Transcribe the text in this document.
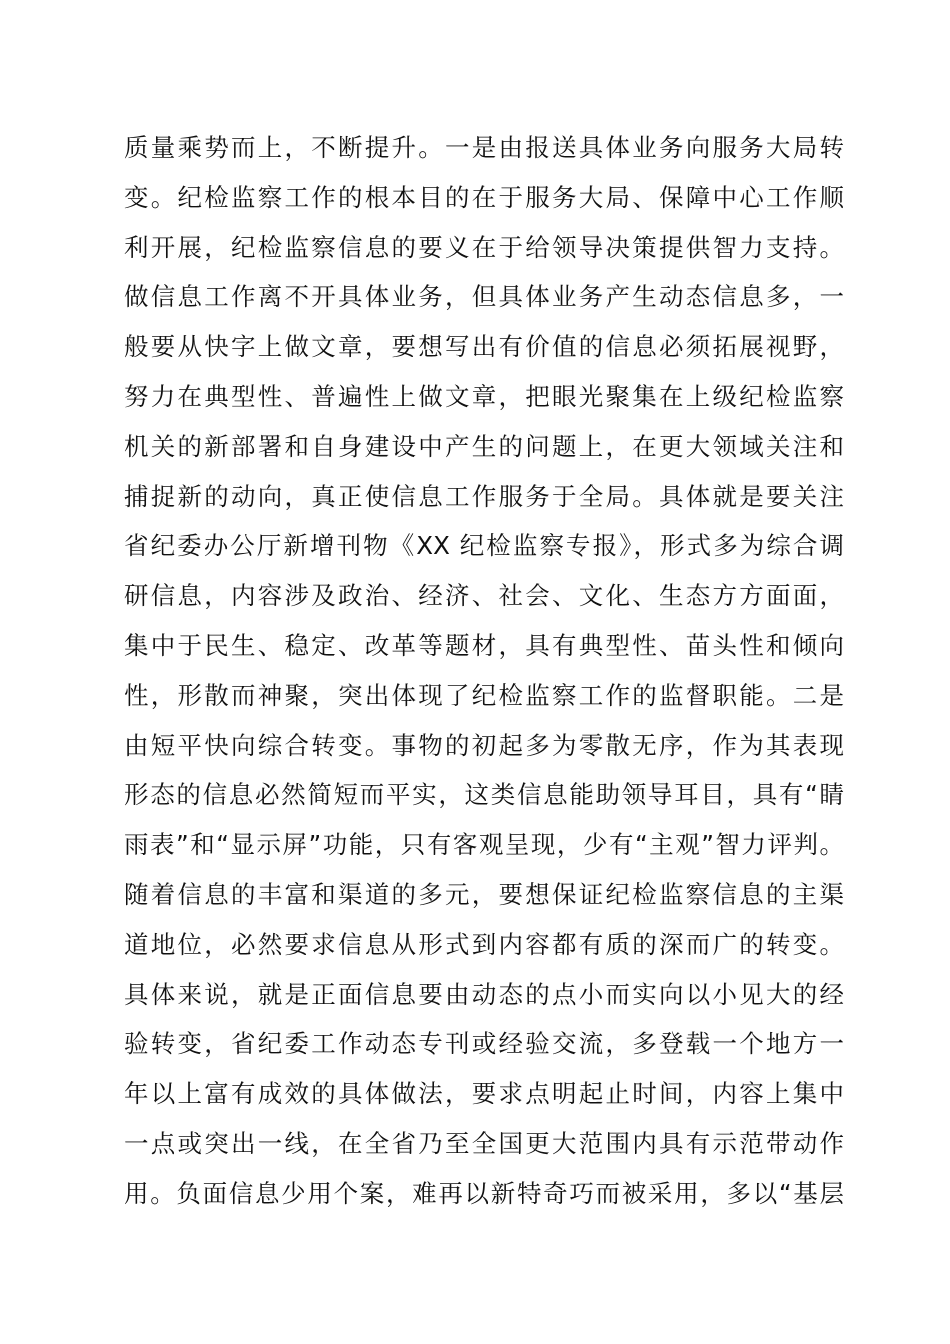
质量乘势而上，不断提升。一是由报送具体业务向服务大局转
变。纪检监察工作的根本目的在于服务大局、保障中心工作顺
利开展，纪检监察信息的要义在于给领导决策提供智力支持。
做信息工作离不开具体业务，但具体业务产生动态信息多，一
般要从快字上做文章，要想写出有价值的信息必须拓展视野，
努力在典型性、普遍性上做文章，把眼光聚集在上级纪检监察
机关的新部署和自身建设中产生的问题上，在更大领域关注和
捕捉新的动向，真正使信息工作服务于全局。具体就是要关注
省纪委办公厅新增刊物《XX 纪检监察专报》，形式多为综合调
研信息，内容涉及政治、经济、社会、文化、生态方方面面，
集中于民生、稳定、改革等题材，具有典型性、苗头性和倾向
性，形散而神聚，突出体现了纪检监察工作的监督职能。二是
由短平快向综合转变。事物的初起多为零散无序，作为其表现
形态的信息必然简短而平实，这类信息能助领导耳目，具有“睛
雨表”和“显示屏”功能，只有客观呈现，少有“主观”智力评判。
随着信息的丰富和渠道的多元，要想保证纪检监察信息的主渠
道地位，必然要求信息从形式到内容都有质的深而广的转变。
具体来说，就是正面信息要由动态的点小而实向以小见大的经
验转变，省纪委工作动态专刊或经验交流，多登载一个地方一
年以上富有成效的具体做法，要求点明起止时间，内容上集中
一点或突出一线，在全省乃至全国更大范围内具有示范带动作
用。负面信息少用个案，难再以新特奇巧而被采用，多以“基层
